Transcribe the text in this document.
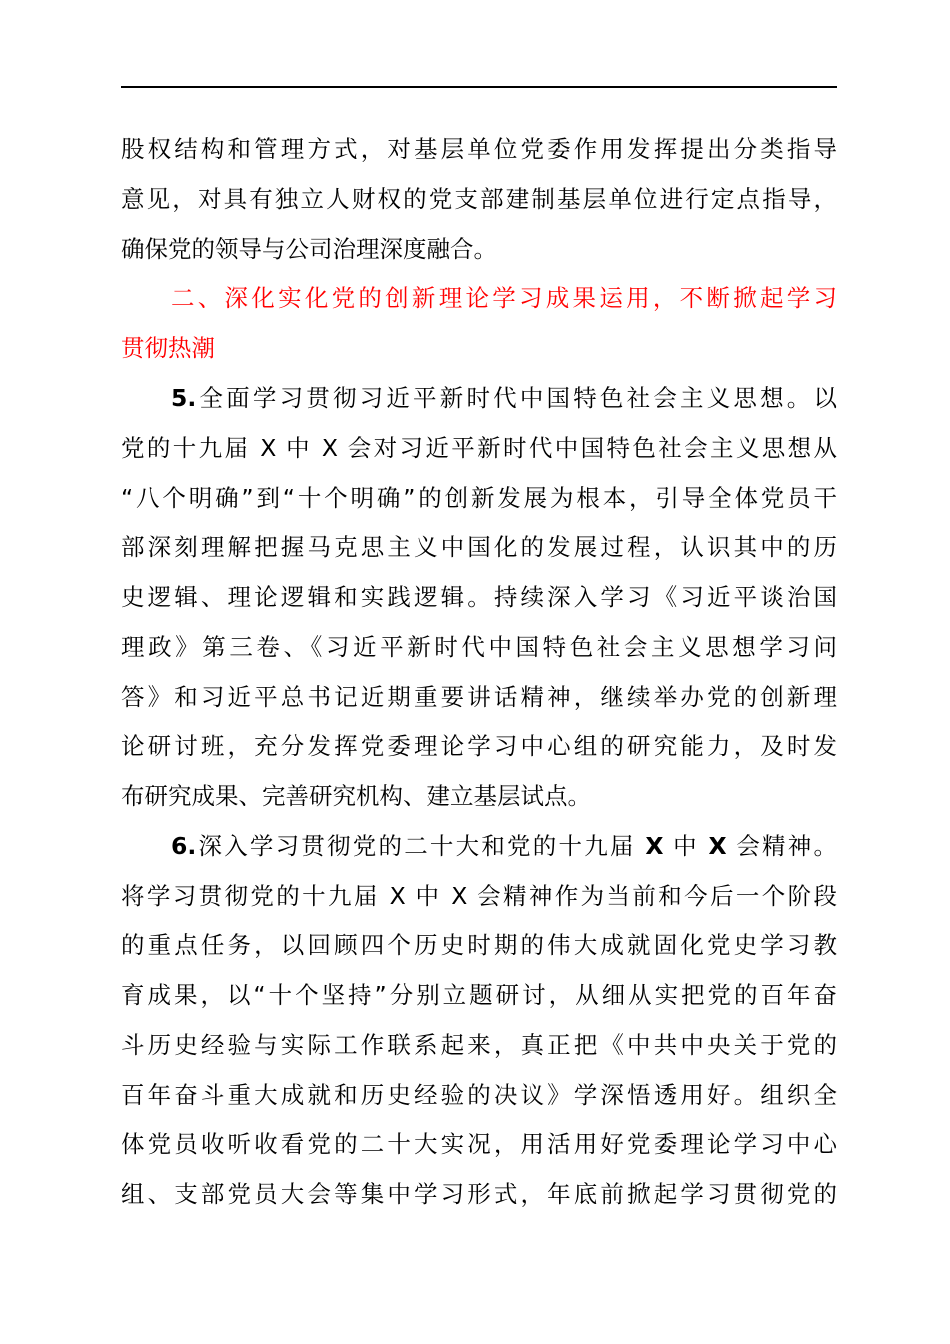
股权结构和管理方式，对基层单位党委作用发挥提出分类指导
意见，对具有独立人财权的党支部建制基层单位进行定点指导，
确保党的领导与公司治理深度融合。
二、深化实化党的创新理论学习成果运用，不断掀起学习
贯彻热潮
5.全面学习贯彻习近平新时代中国特色社会主义思想。以
党的十九届 X 中 X 会对习近平新时代中国特色社会主义思想从
“八个明确”到“十个明确”的创新发展为根本，引导全体党员干
部深刻理解把握马克思主义中国化的发展过程，认识其中的历
史逻辑、理论逻辑和实践逻辑。持续深入学习《习近平谈治国
理政》第三卷、《习近平新时代中国特色社会主义思想学习问
答》和习近平总书记近期重要讲话精神，继续举办党的创新理
论研讨班，充分发挥党委理论学习中心组的研究能力，及时发
布研究成果、完善研究机构、建立基层试点。
6.深入学习贯彻党的二十大和党的十九届 X 中 X 会精神。
将学习贯彻党的十九届 X 中 X 会精神作为当前和今后一个阶段
的重点任务，以回顾四个历史时期的伟大成就固化党史学习教
育成果，以“十个坚持”分别立题研讨，从细从实把党的百年奋
斗历史经验与实际工作联系起来，真正把《中共中央关于党的
百年奋斗重大成就和历史经验的决议》学深悟透用好。组织全
体党员收听收看党的二十大实况，用活用好党委理论学习中心
组、支部党员大会等集中学习形式，年底前掀起学习贯彻党的
